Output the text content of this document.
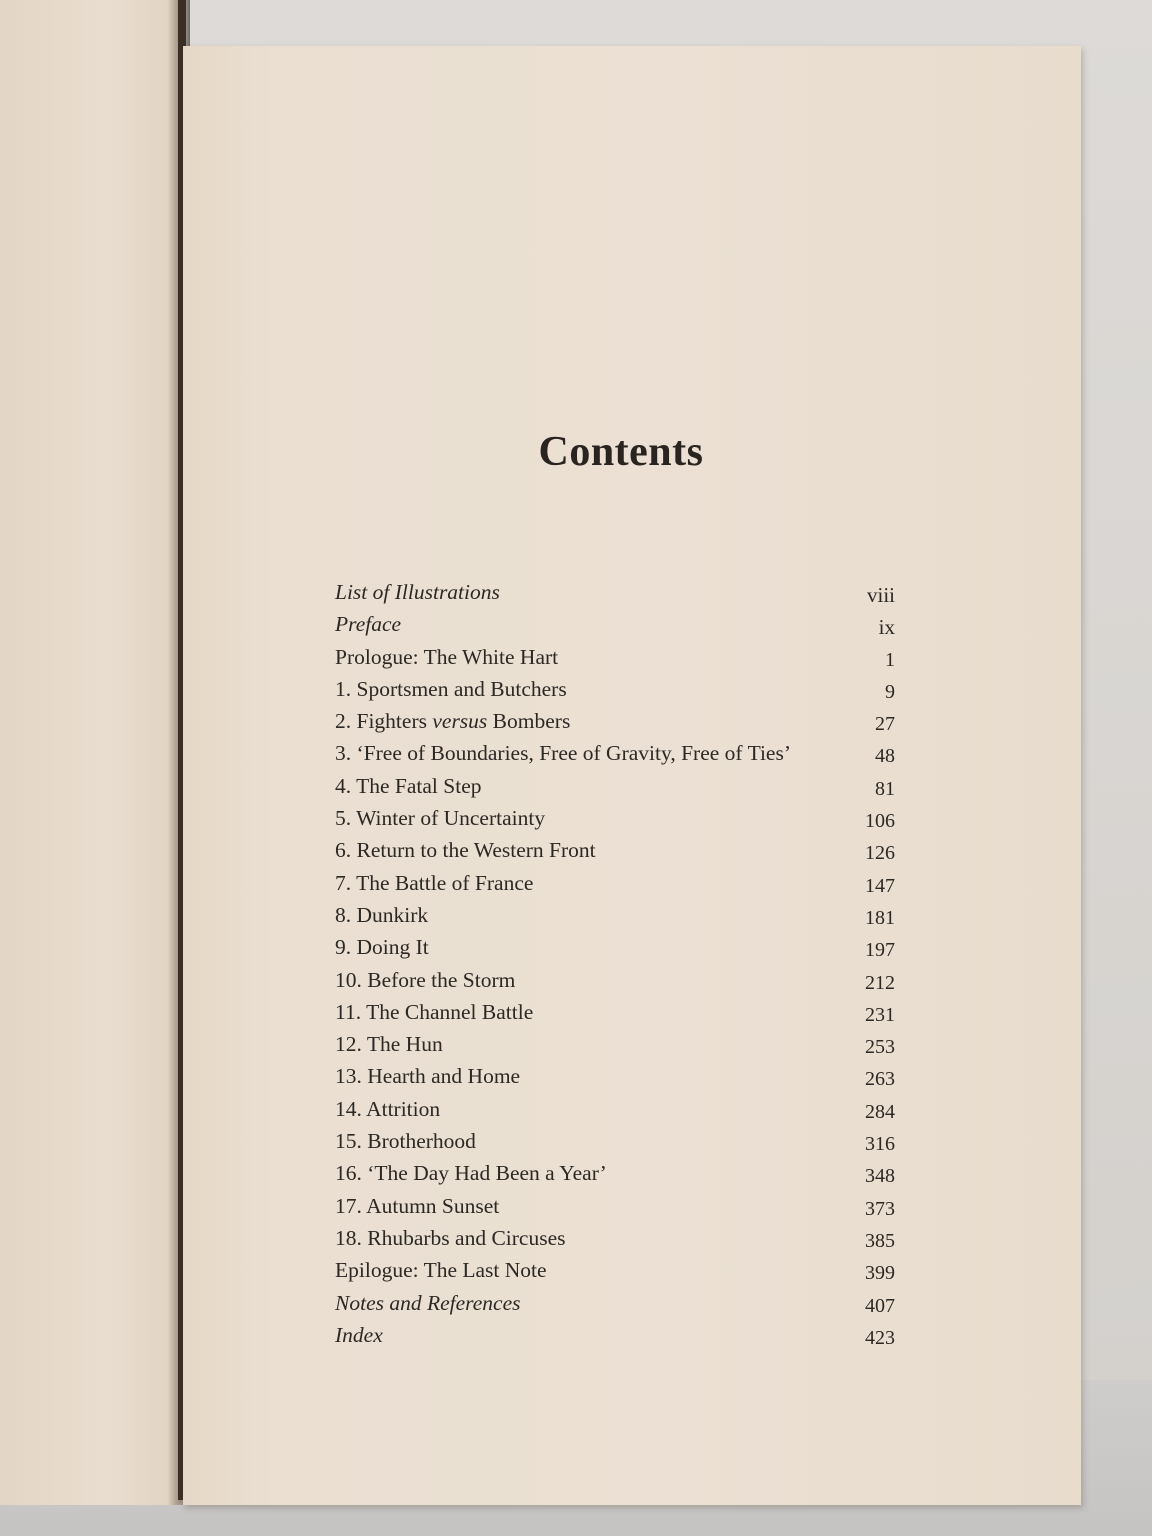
Contents
List of Illustrations	viii
Preface	ix
Prologue: The White Hart	1
1. Sportsmen and Butchers	9
2. Fighters versus Bombers	27
3. ‘Free of Boundaries, Free of Gravity, Free of Ties’	48
4. The Fatal Step	81
5. Winter of Uncertainty	106
6. Return to the Western Front	126
7. The Battle of France	147
8. Dunkirk	181
9. Doing It	197
10. Before the Storm	212
11. The Channel Battle	231
12. The Hun	253
13. Hearth and Home	263
14. Attrition	284
15. Brotherhood	316
16. ‘The Day Had Been a Year’	348
17. Autumn Sunset	373
18. Rhubarbs and Circuses	385
Epilogue: The Last Note	399
Notes and References	407
Index	423
